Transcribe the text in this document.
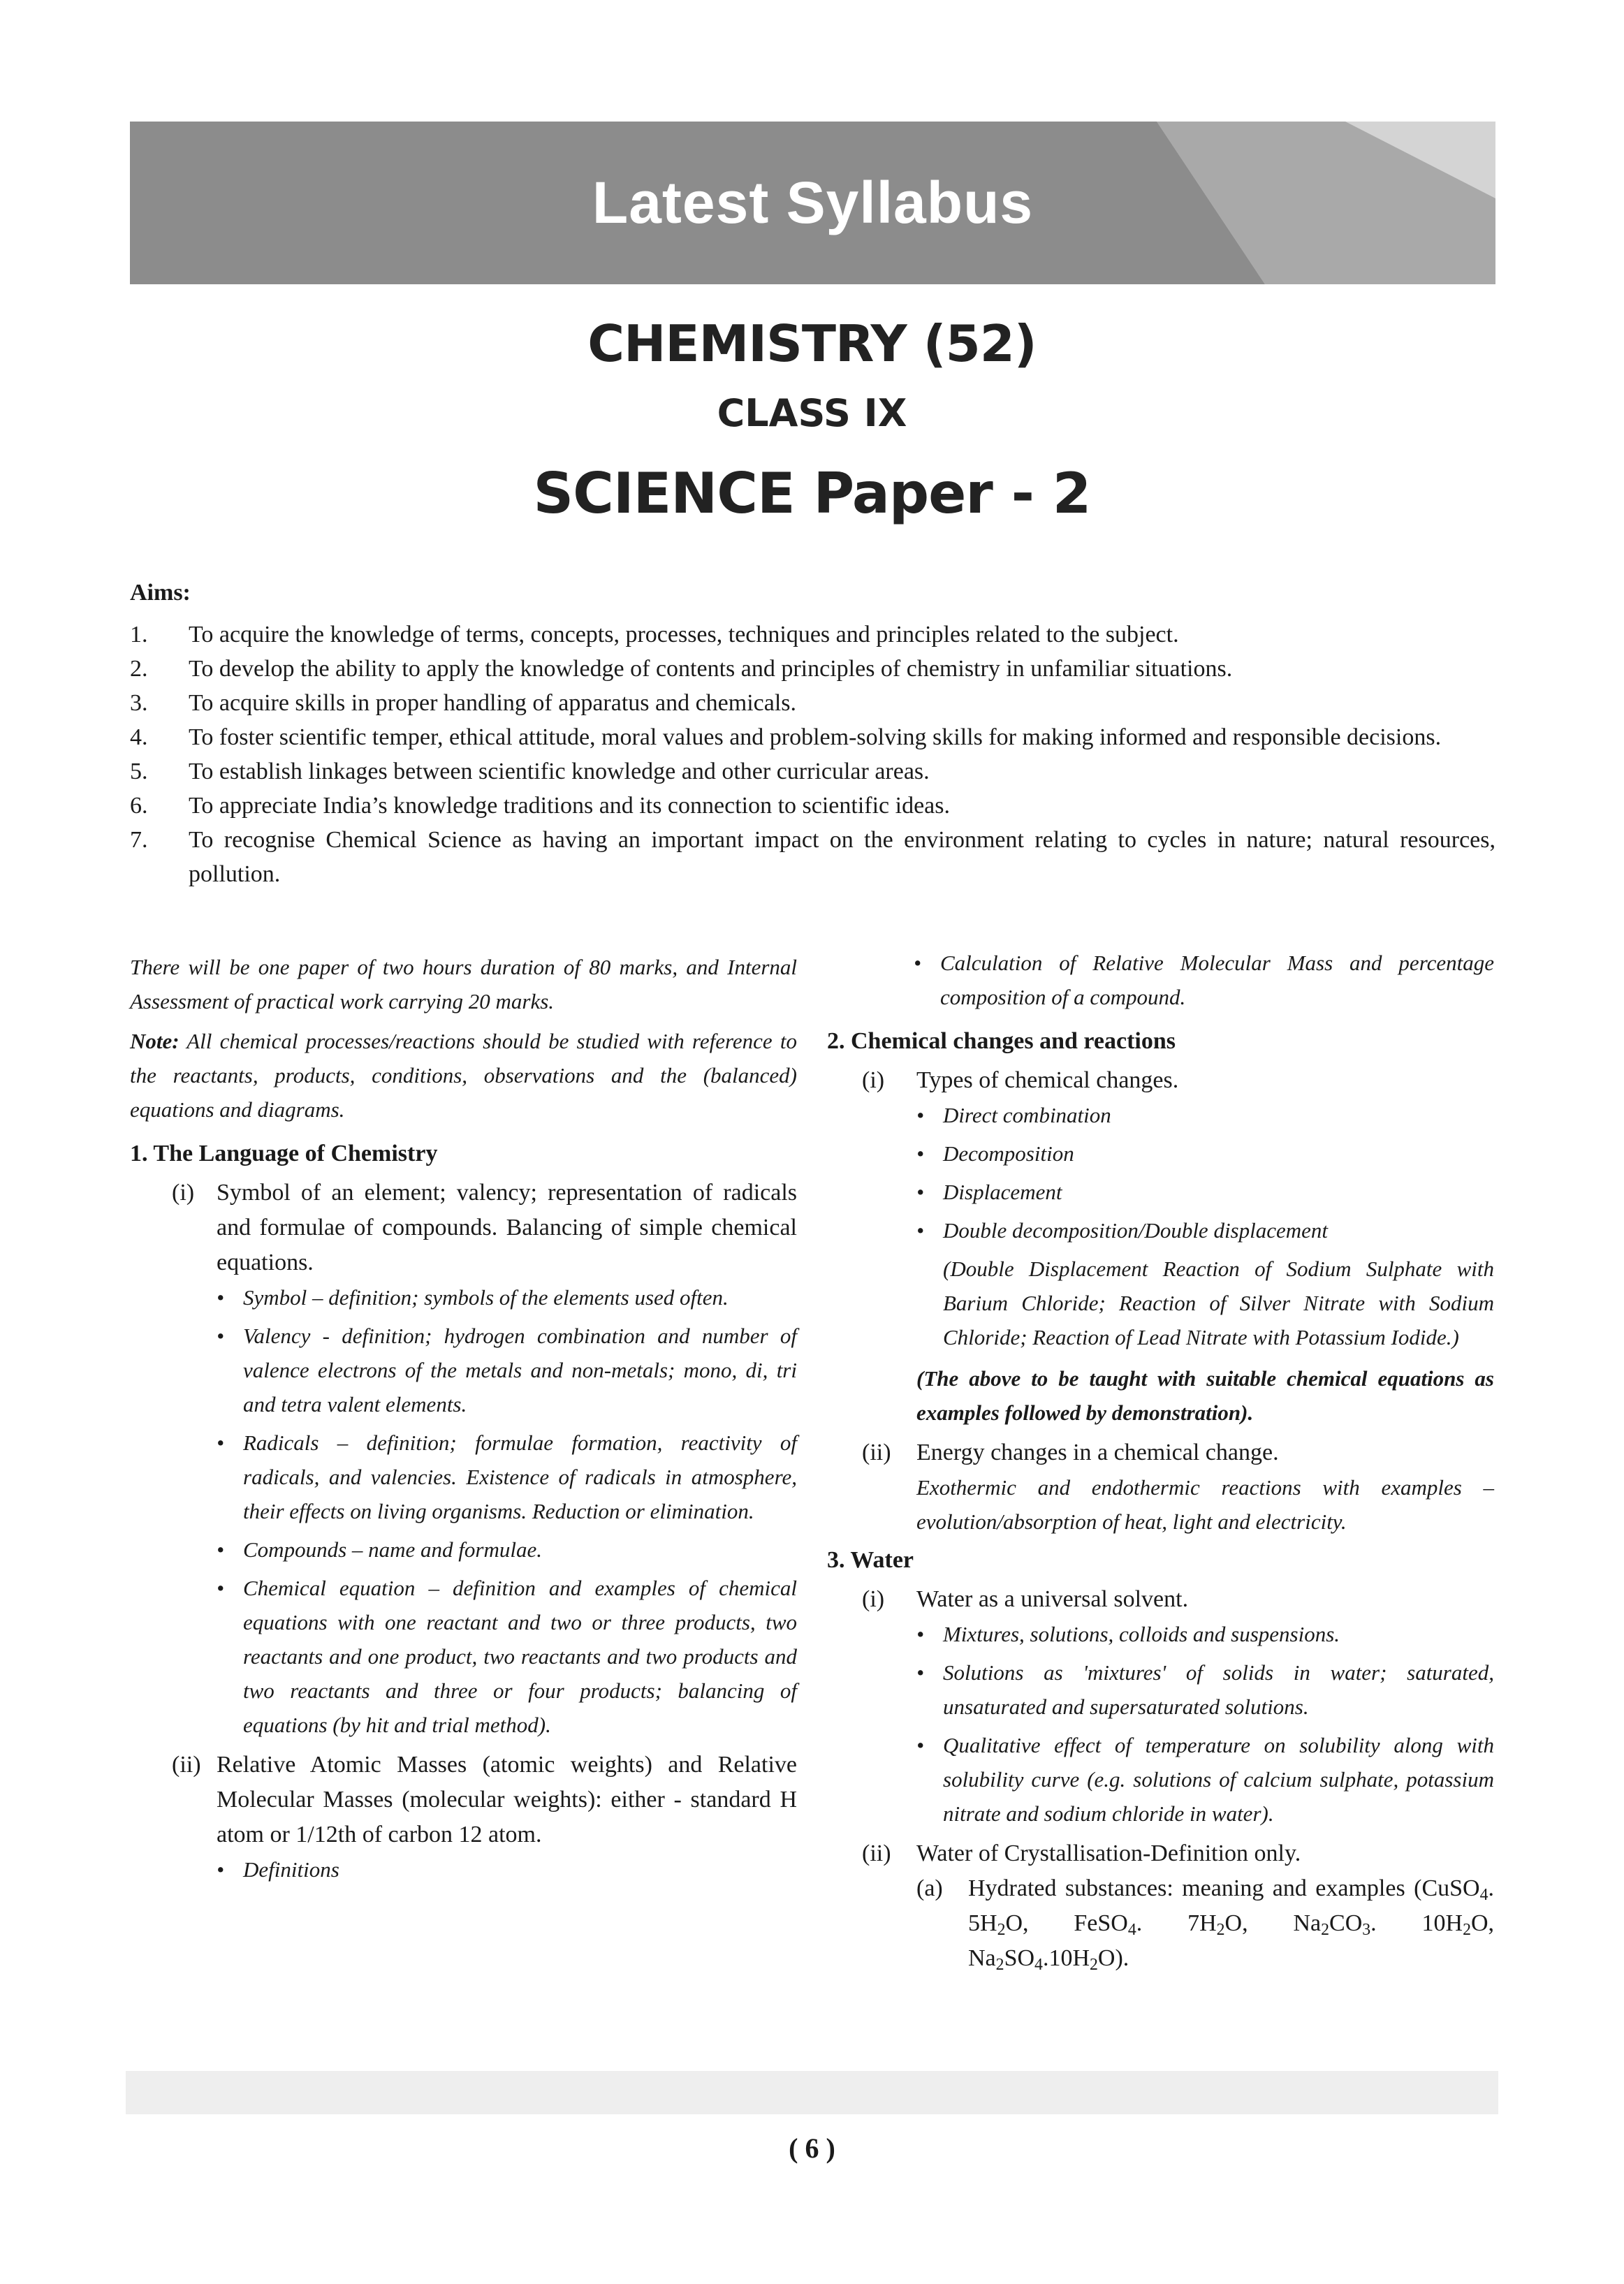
Latest Syllabus
CHEMISTRY (52)
CLASS IX
SCIENCE Paper - 2
Aims:
1.	To acquire the knowledge of terms, concepts, processes, techniques and principles related to the subject.
2.	To develop the ability to apply the knowledge of contents and principles of chemistry in unfamiliar situations.
3.	To acquire skills in proper handling of apparatus and chemicals.
4.	To foster scientific temper, ethical attitude, moral values and problem-solving skills for making informed and responsible decisions.
5.	To establish linkages between scientific knowledge and other curricular areas.
6.	To appreciate India’s knowledge traditions and its connection to scientific ideas.
7.	To recognise Chemical Science as having an important impact on the environment relating to cycles in nature; natural resources, pollution.
There will be one paper of two hours duration of 80 marks, and Internal Assessment of practical work carrying 20 marks.
Note: All chemical processes/reactions should be studied with reference to the reactants, products, conditions, observations and the (balanced) equations and diagrams.
1. The Language of Chemistry
(i) Symbol of an element; valency; representation of radicals and formulae of compounds. Balancing of simple chemical equations.
• Symbol – definition; symbols of the elements used often.
• Valency - definition; hydrogen combination and number of valence electrons of the metals and non-metals; mono, di, tri and tetra valent elements.
• Radicals – definition; formulae formation, reactivity of radicals, and valencies. Existence of radicals in atmosphere, their effects on living organisms. Reduction or elimination.
• Compounds – name and formulae.
• Chemical equation – definition and examples of chemical equations with one reactant and two or three products, two reactants and one product, two reactants and two products and two reactants and three or four products; balancing of equations (by hit and trial method).
(ii) Relative Atomic Masses (atomic weights) and Relative Molecular Masses (molecular weights): either - standard H atom or 1/12th of carbon 12 atom.
• Definitions
• Calculation of Relative Molecular Mass and percentage composition of a compound.
2. Chemical changes and reactions
(i)	Types of chemical changes.
• Direct combination
• Decomposition
• Displacement
• Double decomposition/Double displacement
(Double Displacement Reaction of Sodium Sulphate with Barium Chloride; Reaction of Silver Nitrate with Sodium Chloride; Reaction of Lead Nitrate with Potassium Iodide.)
(The above to be taught with suitable chemical equations as examples followed by demonstration).
(ii)	Energy changes in a chemical change.
Exothermic and endothermic reactions with examples – evolution/absorption of heat, light and electricity.
3. Water
(i)	Water as a universal solvent.
• Mixtures, solutions, colloids and suspensions.
• Solutions as 'mixtures' of solids in water; saturated, unsaturated and supersaturated solutions.
• Qualitative effect of temperature on solubility along with solubility curve (e.g. solutions of calcium sulphate, potassium nitrate and sodium chloride in water).
(ii)	Water of Crystallisation-Definition only.
(a)	Hydrated substances: meaning and examples (CuSO$_4$. $5H_2O$, FeSO$_4$. $7H_2O$, $Na_2CO_3$. $10H_2O$, $Na_2SO_4.10H_2O$).
( 6 )
